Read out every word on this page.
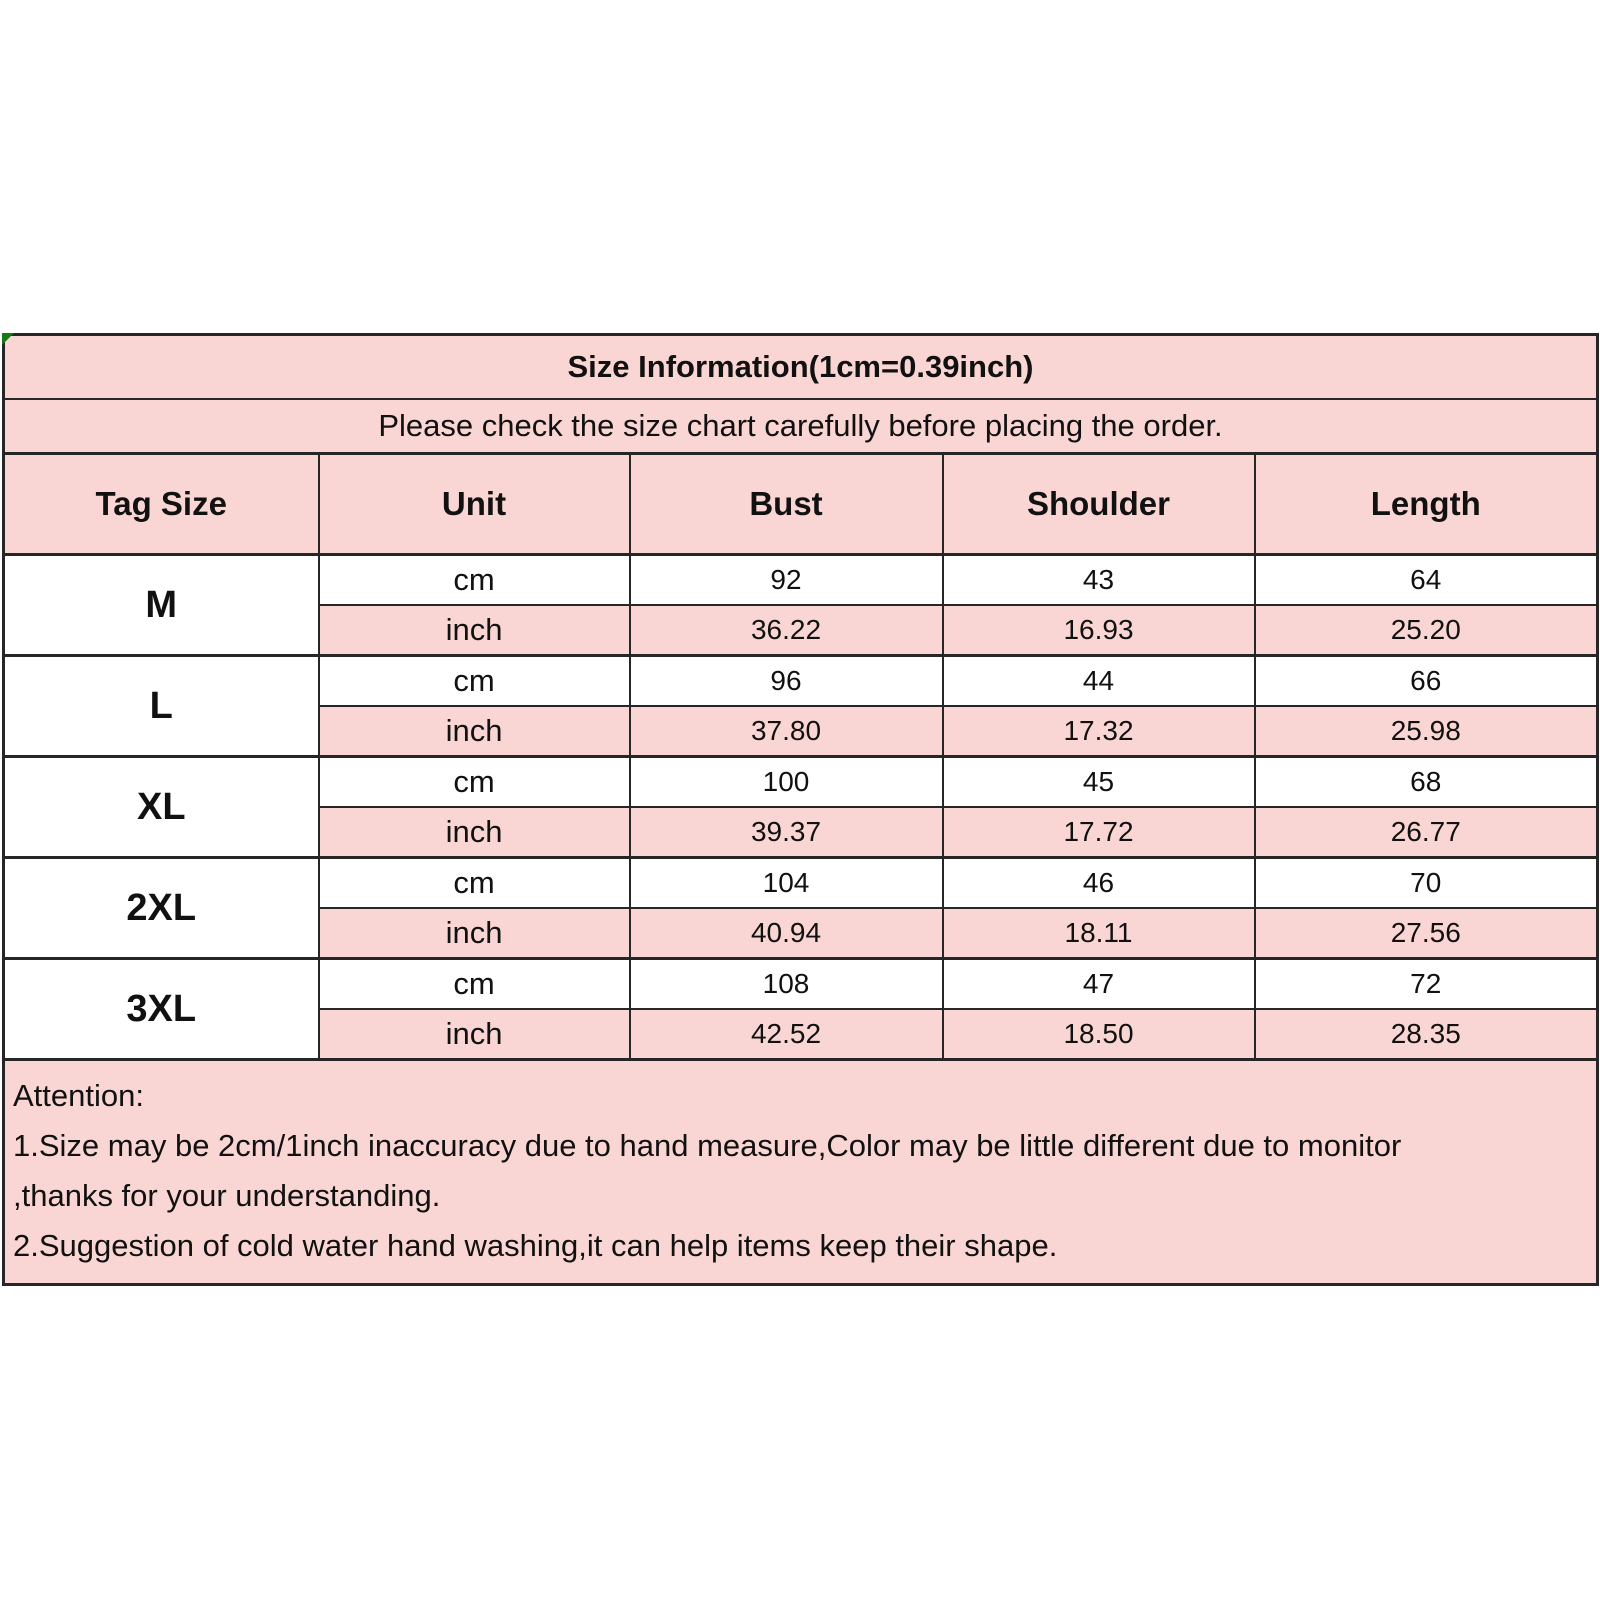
Size Information(1cm=0.39inch)				
Please check the size chart carefully before placing the order.				
Tag Size	Unit	Bust	Shoulder	Length
M	cm	92	43	64
	inch	36.22	16.93	25.20
L	cm	96	44	66
	inch	37.80	17.32	25.98
XL	cm	100	45	68
	inch	39.37	17.72	26.77
2XL	cm	104	46	70
	inch	40.94	18.11	27.56
3XL	cm	108	47	72
	inch	42.52	18.50	28.35

Attention:
1.Size may be 2cm/1inch inaccuracy due to hand measure,Color may be little different due to monitor
,thanks for your understanding.
2.Suggestion of cold water hand washing,it can help items keep their shape.				
